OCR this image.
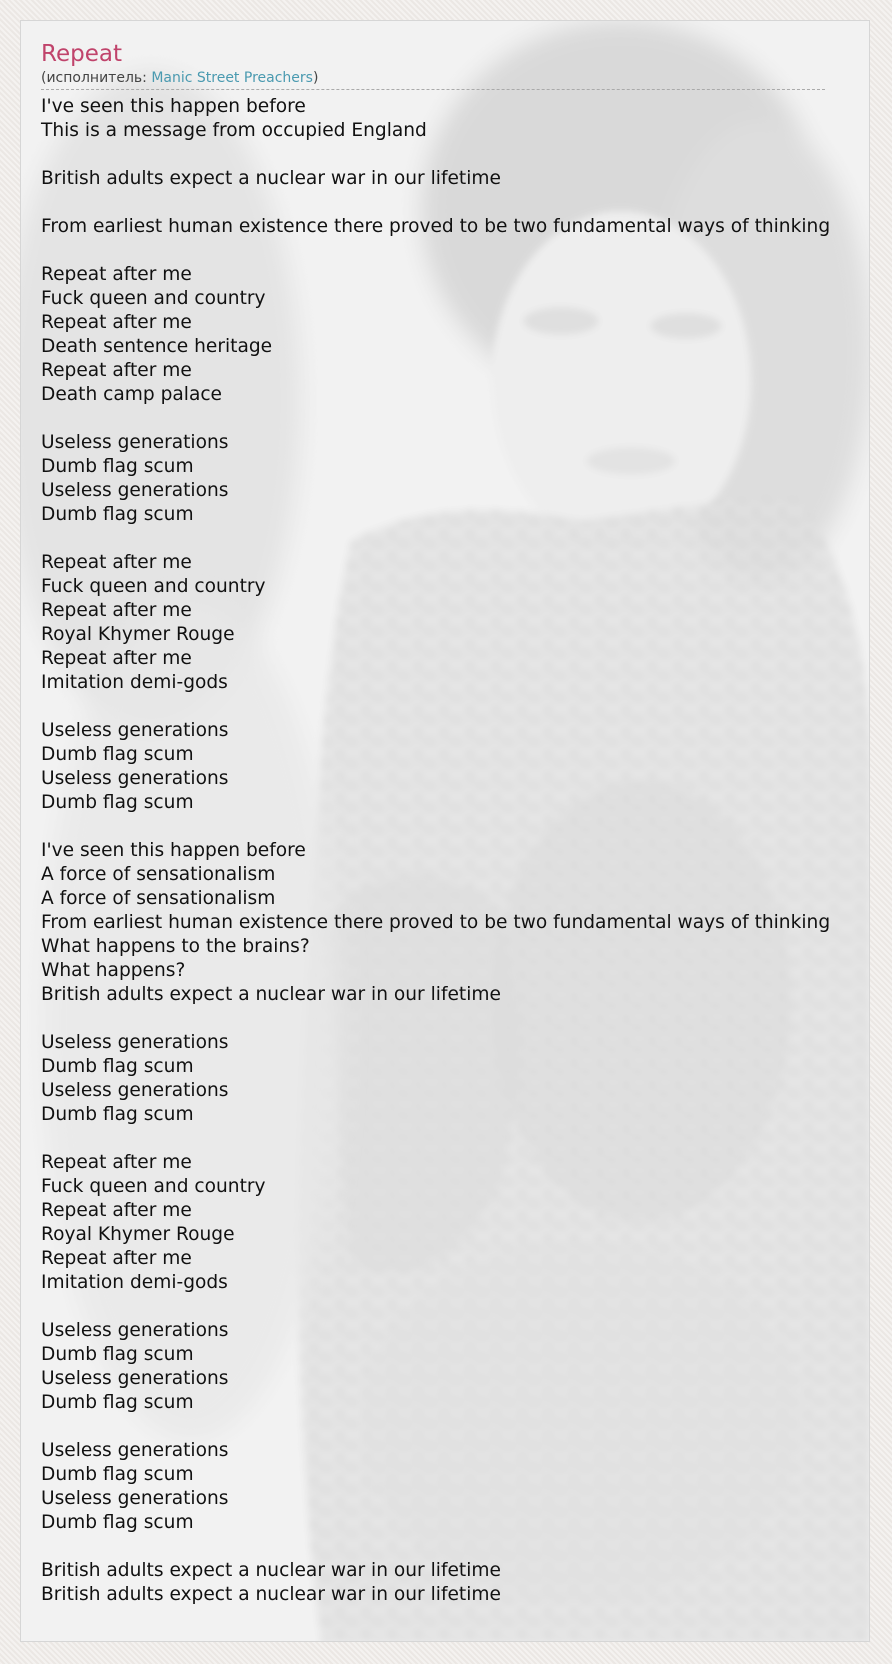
Repeat
(исполнитель: Manic Street Preachers)
I've seen this happen before
This is a message from occupied England
British adults expect a nuclear war in our lifetime
From earliest human existence there proved to be two fundamental ways of thinking
Repeat after me
Fuck queen and country
Repeat after me
Death sentence heritage
Repeat after me
Death camp palace
Useless generations
Dumb flag scum
Useless generations
Dumb flag scum
Repeat after me
Fuck queen and country
Repeat after me
Royal Khymer Rouge
Repeat after me
Imitation demi-gods
Useless generations
Dumb flag scum
Useless generations
Dumb flag scum
I've seen this happen before
A force of sensationalism
A force of sensationalism
From earliest human existence there proved to be two fundamental ways of thinking
What happens to the brains?
What happens?
British adults expect a nuclear war in our lifetime
Useless generations
Dumb flag scum
Useless generations
Dumb flag scum
Repeat after me
Fuck queen and country
Repeat after me
Royal Khymer Rouge
Repeat after me
Imitation demi-gods
Useless generations
Dumb flag scum
Useless generations
Dumb flag scum
Useless generations
Dumb flag scum
Useless generations
Dumb flag scum
British adults expect a nuclear war in our lifetime
British adults expect a nuclear war in our lifetime
